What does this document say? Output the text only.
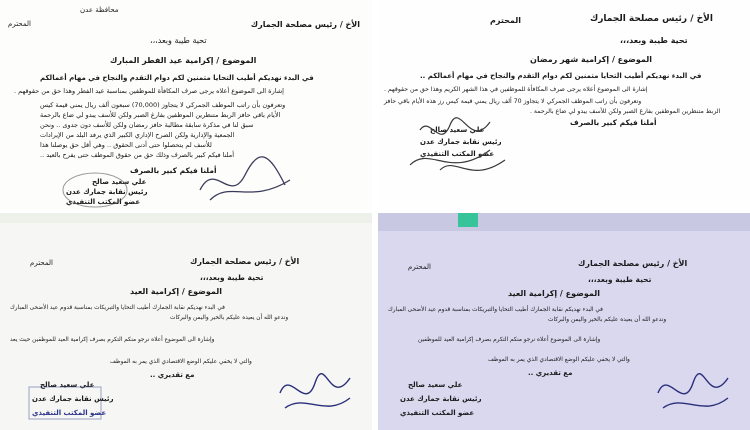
محافظة عدن
المحترم	الأخ / رئيس مصلحة الجمارك
تحية طيبة وبعد،،،
الموضوع / إكرامية عيد الفطر المبارك
في البدء نهديكم أطيب التحايا متمنين لكم دوام التقدم والنجاح في مهام أعمالكم
إشارة الى الموضوع أعلاه يرجى صرف المكافأة للموظفين بمناسبة عيد الفطر وهذا حق من حقوقهم .
وتعرفون بأن راتب الموظف الجمركي لا يتجاوز (70,000) سبعون ألف ريال يمني قيمة كيس
الأيام باقي حافز الربط متنظرين الموظفين بفارغ الصبر ولكن للأسف يبدو لي ضاع بالرحمة
سبق لنا في مذكرة سابقة مطالبة حافز رمضان ولكن للأسف دون جدوى .. ونحن
الجمعية والإدارية ولكن الصرح الإداري الكبير الذي يرفد البلد من الإيرادات
للأسف لم يتحصلوا حتى أدنى الحقوق .. وهي أقل حق يوصلنا هذا
أملنا فيكم كبير بالصرف وذلك حق من حقوق الموظف حتى يفرح بالعيد ..
أملنا فيكم كبير بالصرف
علي سعيد صالح
رئيس نقابة جمارك عدن
عضو المكتب التنفيذي
المحترم	الأخ / رئيس مصلحة الجمارك
تحية طيبة وبعد،،،
الموضوع / إكرامية شهر رمضان
في البدء نهديكم أطيب التحايا متمنين لكم دوام التقدم والنجاح في مهام أعمالكم ..
إشارة الى الموضوع أعلاه يرجى صرف المكافأة للموظفين في هذا الشهر الكريم وهذا حق من حقوقهم .
وتعرفون بأن راتب الموظف الجمركي لا يتجاوز 70 ألف ريال يمني قيمة كيس رز هذه الأيام باقي حافز
الربط متنظرين الموظفين بفارغ الصبر ولكن للأسف يبدو لي ضاع بالرحمة .
أملنا فيكم كبير بالصرف
علي سعيد صالح
رئيس نقابة جمارك عدن
عضو المكتب التنفيذي
الأخ / رئيس مصلحة الجمارك
المحترم
تحية طيبة وبعد،،،
الموضوع / إكرامية العيد
في البدء نهديكم نقابة الجمارك أطيب التحايا والتبريكات بمناسبة قدوم عيد الأضحى المبارك
وندعو الله أن يعيده عليكم بالخير واليمن والبركات
وإشارة الى الموضوع أعلاه نرجو منكم التكرم بصرف إكرامية العيد للموظفين حيث يعد
والتي لا يخفي عليكم الوضع الاقتصادي الذي يمر به الموظف
مع تقديري ..
علي سعيد صالح
رئيس نقابة جمارك عدن
عضو المكتب التنفيذي
الأخ / رئيس مصلحة الجمارك
المحترم
تحية طيبة وبعد،،،
الموضوع / إكرامية العيد
في البدء نهديكم نقابة الجمارك أطيب التحايا والتبريكات بمناسبة قدوم عيد الأضحى المبارك
وندعو الله أن يعيده عليكم بالخير واليمن والبركات
وإشارة الى الموضوع أعلاه نرجو منكم التكرم بصرف إكرامية العيد للموظفين
والتي لا يخفي عليكم الوضع الاقتصادي الذي يمر به الموظف
مع تقديري ..
علي سعيد صالح
رئيس نقابة جمارك عدن
عضو المكتب التنفيذي
